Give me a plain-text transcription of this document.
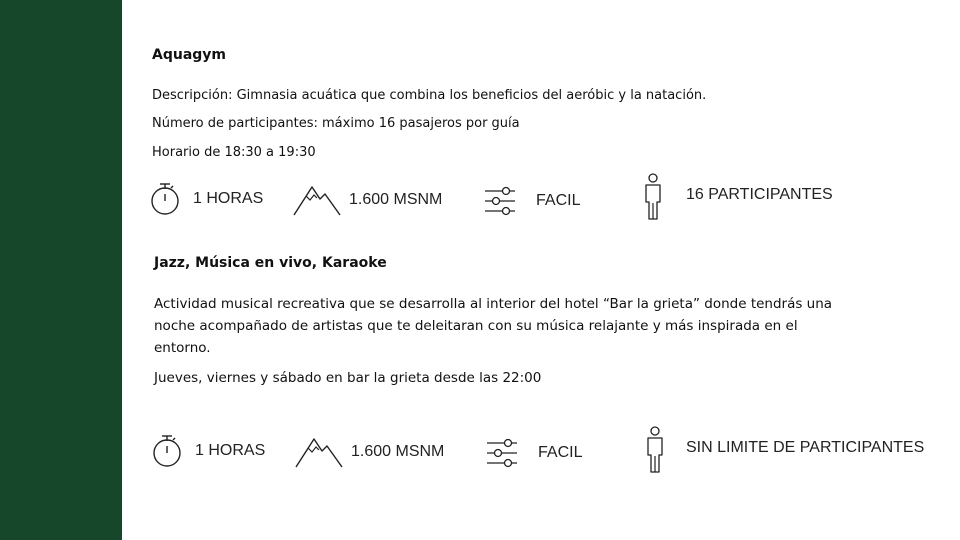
Aquagym
Descripción: Gimnasia acuática que combina los beneficios del aeróbic y la natación.
Número de participantes: máximo 16 pasajeros por guía
Horario de 18:30 a 19:30
1 HORAS	1.600 MSNM	FACIL	16 PARTICIPANTES
Jazz, Música en vivo, Karaoke
Actividad musical recreativa que se desarrolla al interior del hotel “Bar la grieta” donde tendrás una noche acompañado de artistas que te deleitaran con su música relajante y más inspirada en el entorno.
Jueves, viernes y sábado en bar la grieta desde las 22:00
1 HORAS	1.600 MSNM	FACIL	SIN LIMITE DE PARTICIPANTES
